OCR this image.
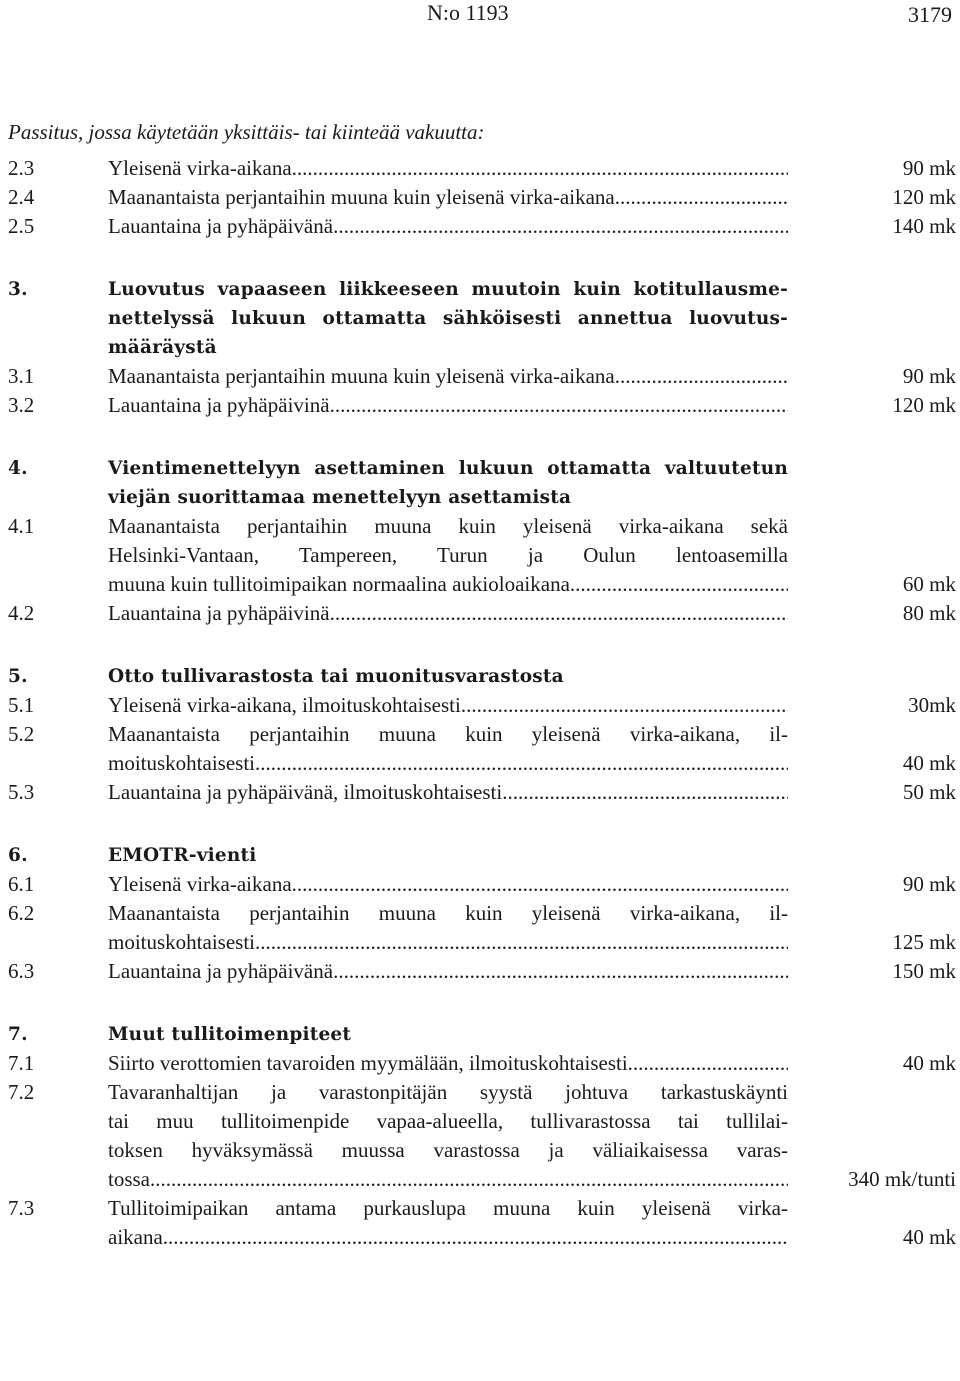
N:o 1193	3179
Passitus, jossa käytetään yksittäis- tai kiinteää vakuutta:
2.3	Yleisenä virka-aikana .....	90 mk
2.4	Maanantaista perjantaihin muuna kuin yleisenä virka-aikana .....	120 mk
2.5	Lauantaina ja pyhäpäivänä .....	140 mk
3.	Luovutus vapaaseen liikkeeseen muutoin kuin kotitullausme-
nettelyssä lukuun ottamatta sähköisesti annettua luovutus-
määräystä
3.1	Maanantaista perjantaihin muuna kuin yleisenä virka-aikana .....	90 mk
3.2	Lauantaina ja pyhäpäivinä .....	120 mk
4.	Vientimenettelyyn asettaminen lukuun ottamatta valtuutetun
viejän suorittamaa menettelyyn asettamista
4.1	Maanantaista perjantaihin muuna kuin yleisenä virka-aikana sekä
Helsinki-Vantaan, Tampereen, Turun ja Oulun lentoasemilla
muuna kuin tullitoimipaikan normaalina aukioloaikana .....	60 mk
4.2	Lauantaina ja pyhäpäivinä .....	80 mk
5.	Otto tullivarastosta tai muonitusvarastosta
5.1	Yleisenä virka-aikana, ilmoituskohtaisesti .....	30mk
5.2	Maanantaista perjantaihin muuna kuin yleisenä virka-aikana, il-
moituskohtaisesti .....	40 mk
5.3	Lauantaina ja pyhäpäivänä, ilmoituskohtaisesti .....	50 mk
6.	EMOTR-vienti
6.1	Yleisenä virka-aikana .....	90 mk
6.2	Maanantaista perjantaihin muuna kuin yleisenä virka-aikana, il-
moituskohtaisesti .....	125 mk
6.3	Lauantaina ja pyhäpäivänä .....	150 mk
7.	Muut tullitoimenpiteet
7.1	Siirto verottomien tavaroiden myymälään, ilmoituskohtaisesti .....	40 mk
7.2	Tavaranhaltijan ja varastonpitäjän syystä johtuva tarkastuskäynti
tai muu tullitoimenpide vapaa-alueella, tullivarastossa tai tullilai-
toksen hyväksymässä muussa varastossa ja väliaikaisessa varas-
tossa .....	340 mk/tunti
7.3	Tullitoimipaikan antama purkauslupa muuna kuin yleisenä virka-
aikana .....	40 mk
